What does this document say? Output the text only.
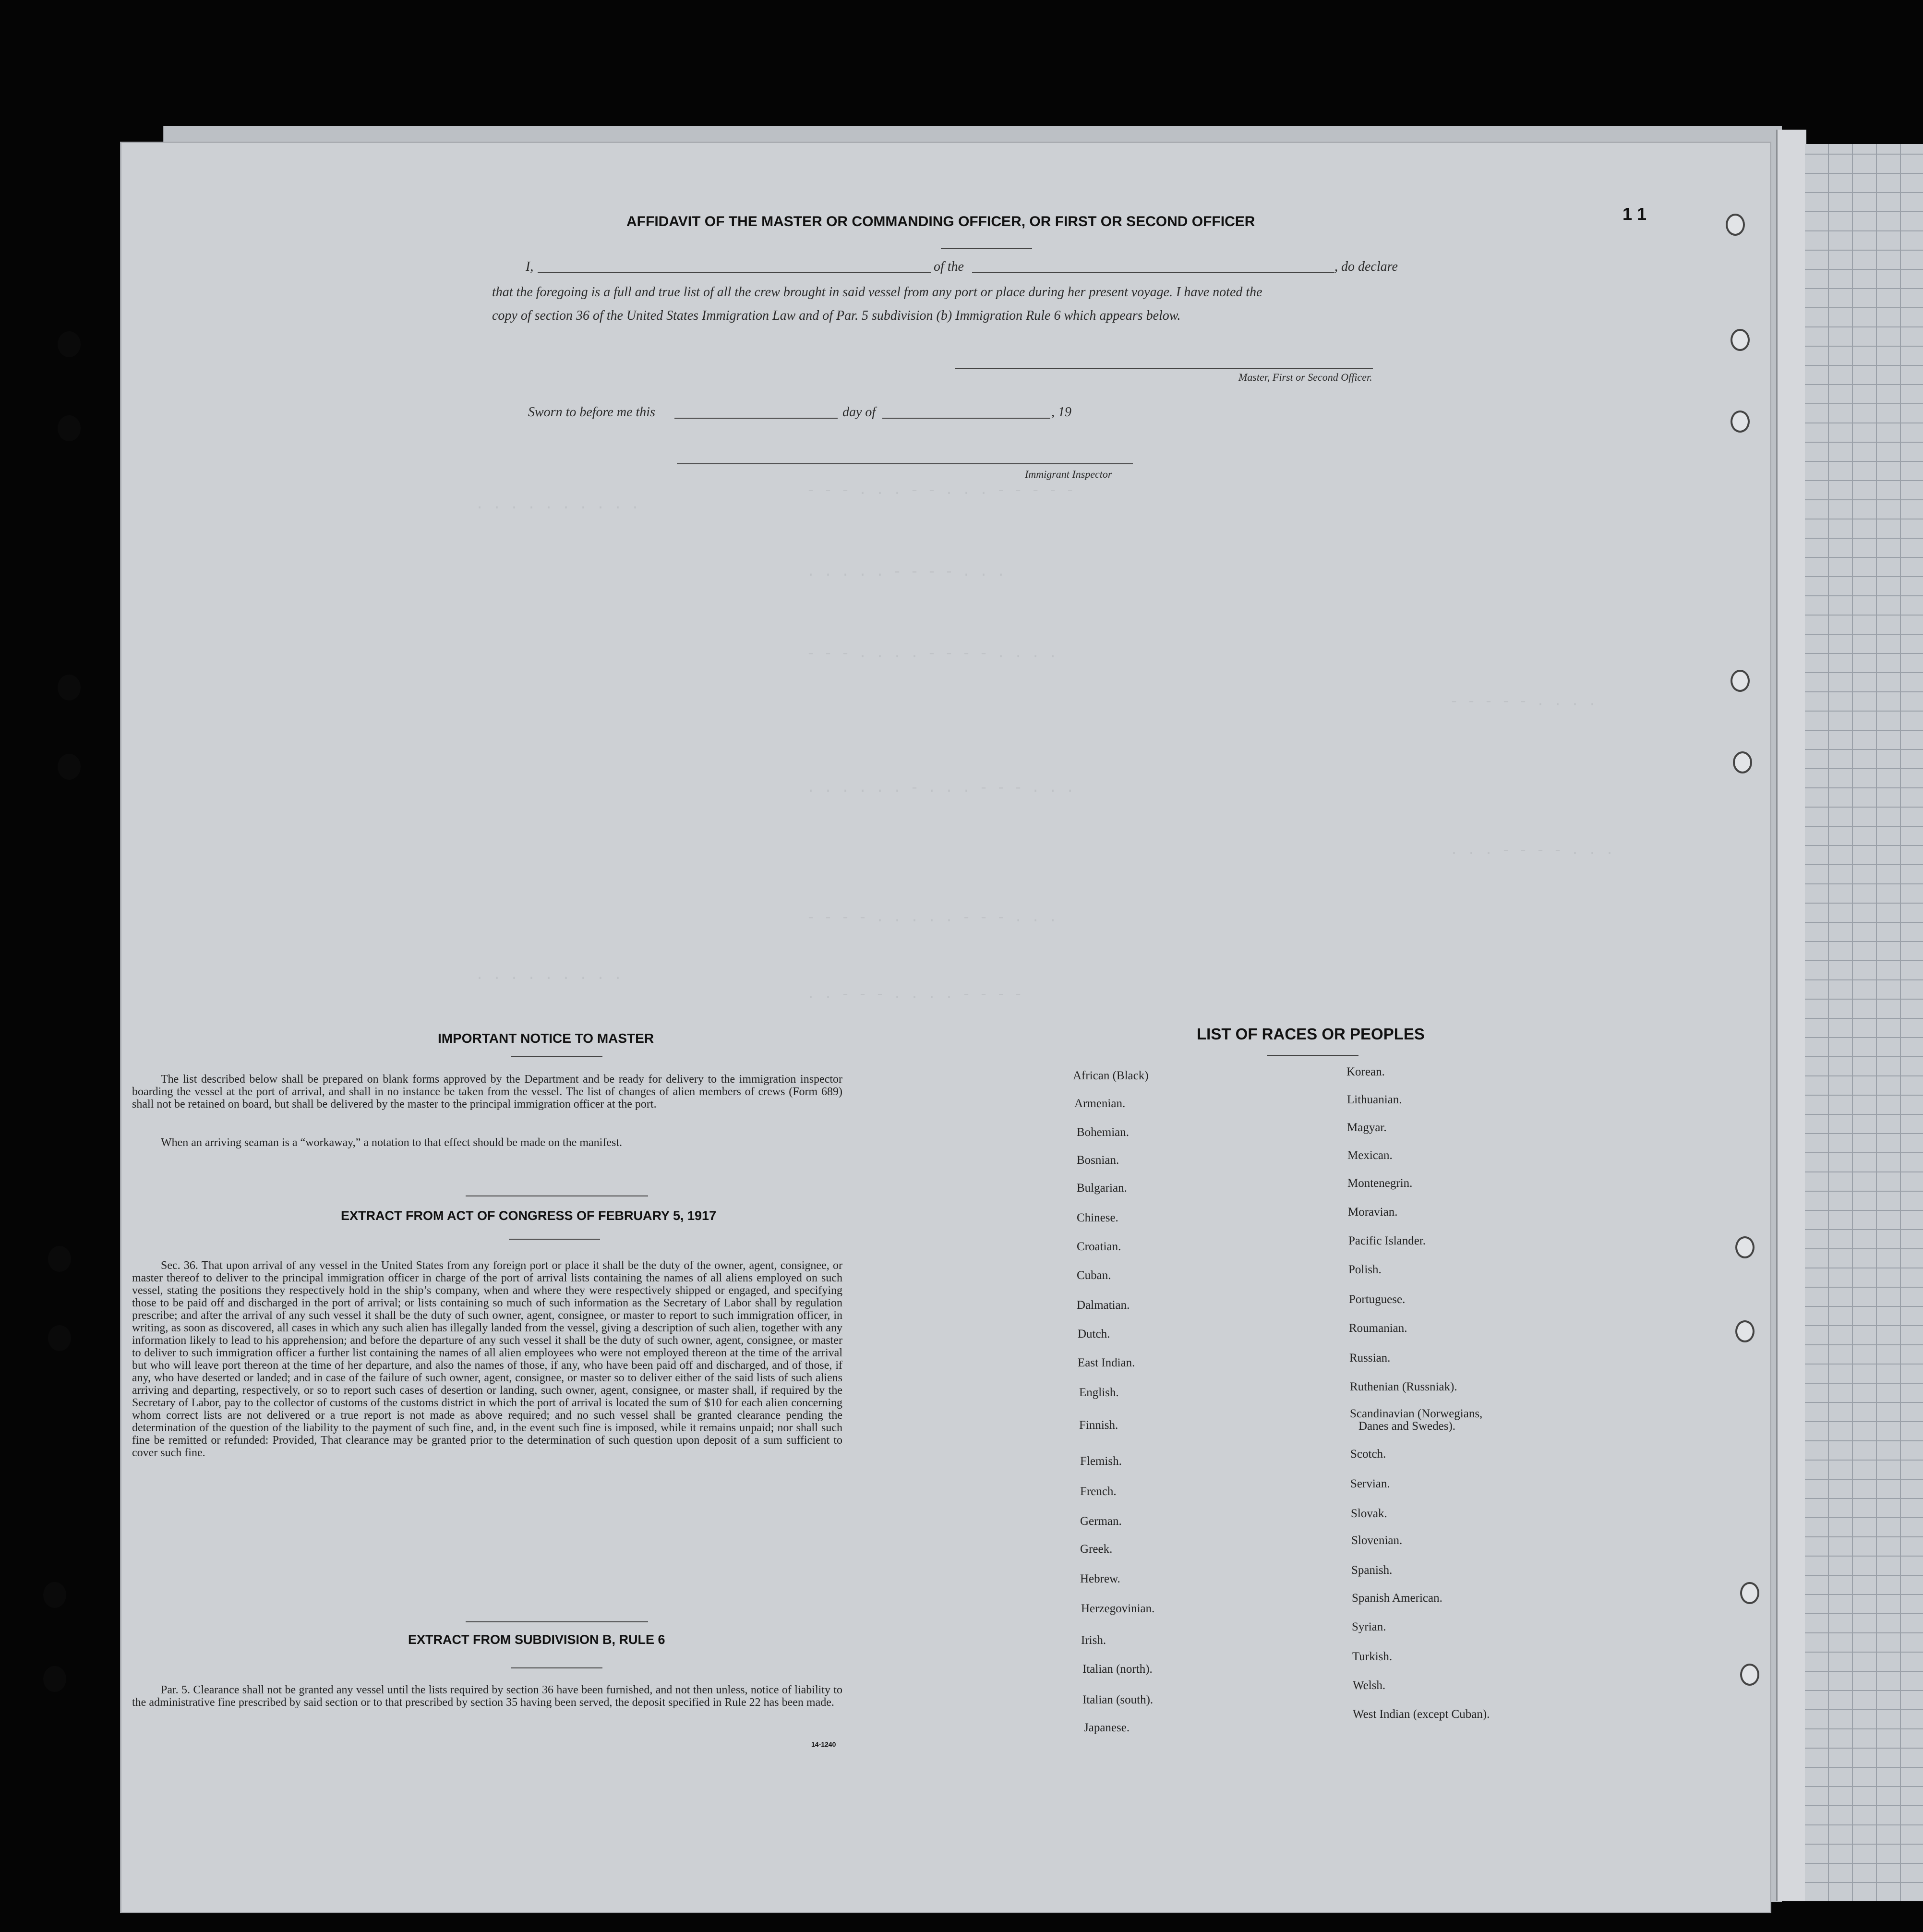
. . . . . . . . . .
- - - . . . - - . . . - - - - -
. . . . . - - - - . . .
- - - . . . . - - - - . . . .
. . . . . . - . . . - - - . . .
- - - - . . . . . - - - . . .
. . - - - . . . . - - - -
. . . . . . . . .
- - - - - . . . .
. . . - - - - . . .
1 1
AFFIDAVIT OF THE MASTER OR COMMANDING OFFICER, OR FIRST OR SECOND OFFICER
I,	of the	, do declare
that the foregoing is a full and true list of all the crew brought in said vessel from any port or place during her present voyage. I have noted the
copy of section 36 of the United States Immigration Law and of Par. 5 subdivision (b) Immigration Rule 6 which appears below.
Master, First or Second Officer.
Sworn to before me this	day of	, 19
Immigrant Inspector
IMPORTANT NOTICE TO MASTER
The list described below shall be prepared on blank forms approved by the Department and be ready for delivery to the immigration inspector boarding the vessel at the port of arrival, and shall in no instance be taken from the vessel. The list of changes of alien members of crews (Form 689) shall not be retained on board, but shall be delivered by the master to the principal immigration officer at the port.
When an arriving seaman is a “workaway,” a notation to that effect should be made on the manifest.
EXTRACT FROM ACT OF CONGRESS OF FEBRUARY 5, 1917
Sec. 36. That upon arrival of any vessel in the United States from any foreign port or place it shall be the duty of the owner, agent, consignee, or master thereof to deliver to the principal immigration officer in charge of the port of arrival lists containing the names of all aliens employed on such vessel, stating the positions they respectively hold in the ship’s company, when and where they were respectively shipped or engaged, and specifying those to be paid off and discharged in the port of arrival; or lists containing so much of such information as the Secretary of Labor shall by regulation prescribe; and after the arrival of any such vessel it shall be the duty of such owner, agent, consignee, or master to report to such immigration officer, in writing, as soon as discovered, all cases in which any such alien has illegally landed from the vessel, giving a description of such alien, together with any information likely to lead to his apprehension; and before the departure of any such vessel it shall be the duty of such owner, agent, consignee, or master to deliver to such immigration officer a further list containing the names of all alien employees who were not employed thereon at the time of the arrival but who will leave port thereon at the time of her departure, and also the names of those, if any, who have been paid off and discharged, and of those, if any, who have deserted or landed; and in case of the failure of such owner, agent, consignee, or master so to deliver either of the said lists of such aliens arriving and departing, respectively, or so to report such cases of desertion or landing, such owner, agent, consignee, or master shall, if required by the Secretary of Labor, pay to the collector of customs of the customs district in which the port of arrival is located the sum of $10 for each alien concerning whom correct lists are not delivered or a true report is not made as above required; and no such vessel shall be granted clearance pending the determination of the question of the liability to the payment of such fine, and, in the event such fine is imposed, while it remains unpaid; nor shall such fine be remitted or refunded: Provided, That clearance may be granted prior to the determination of such question upon deposit of a sum sufficient to cover such fine.
EXTRACT FROM SUBDIVISION B, RULE 6
Par. 5. Clearance shall not be granted any vessel until the lists required by section 36 have been furnished, and not then unless, notice of liability to the administrative fine prescribed by said section or to that prescribed by section 35 having been served, the deposit specified in Rule 22 has been made.
14-1240
LIST OF RACES OR PEOPLES
African (Black)
Armenian.
Bohemian.
Bosnian.
Bulgarian.
Chinese.
Croatian.
Cuban.
Dalmatian.
Dutch.
East Indian.
English.
Finnish.
Flemish.
French.
German.
Greek.
Hebrew.
Herzegovinian.
Irish.
Italian (north).
Italian (south).
Japanese.
Korean.
Lithuanian.
Magyar.
Mexican.
Montenegrin.
Moravian.
Pacific Islander.
Polish.
Portuguese.
Roumanian.
Russian.
Ruthenian (Russniak).
Scandinavian (Norwegians,
Scotch.
Servian.
Slovak.
Slovenian.
Spanish.
Spanish American.
Syrian.
Turkish.
Welsh.
West Indian (except Cuban).
Danes and Swedes).
